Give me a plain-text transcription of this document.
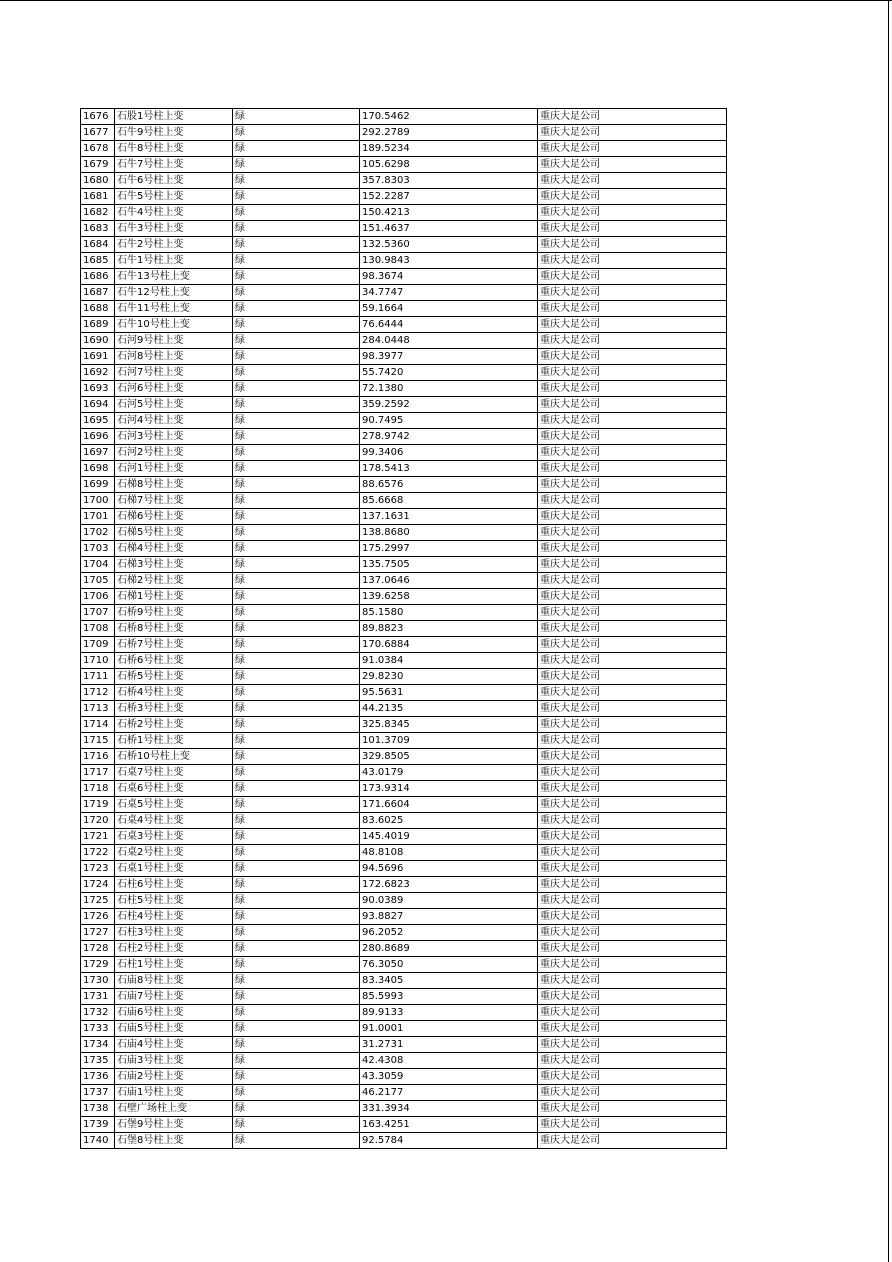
1676	石股1号柱上变	绿	170.5462	重庆大足公司
1677	石牛9号柱上变	绿	292.2789	重庆大足公司
1678	石牛8号柱上变	绿	189.5234	重庆大足公司
1679	石牛7号柱上变	绿	105.6298	重庆大足公司
1680	石牛6号柱上变	绿	357.8303	重庆大足公司
1681	石牛5号柱上变	绿	152.2287	重庆大足公司
1682	石牛4号柱上变	绿	150.4213	重庆大足公司
1683	石牛3号柱上变	绿	151.4637	重庆大足公司
1684	石牛2号柱上变	绿	132.5360	重庆大足公司
1685	石牛1号柱上变	绿	130.9843	重庆大足公司
1686	石牛13号柱上变	绿	98.3674	重庆大足公司
1687	石牛12号柱上变	绿	34.7747	重庆大足公司
1688	石牛11号柱上变	绿	59.1664	重庆大足公司
1689	石牛10号柱上变	绿	76.6444	重庆大足公司
1690	石河9号柱上变	绿	284.0448	重庆大足公司
1691	石河8号柱上变	绿	98.3977	重庆大足公司
1692	石河7号柱上变	绿	55.7420	重庆大足公司
1693	石河6号柱上变	绿	72.1380	重庆大足公司
1694	石河5号柱上变	绿	359.2592	重庆大足公司
1695	石河4号柱上变	绿	90.7495	重庆大足公司
1696	石河3号柱上变	绿	278.9742	重庆大足公司
1697	石河2号柱上变	绿	99.3406	重庆大足公司
1698	石河1号柱上变	绿	178.5413	重庆大足公司
1699	石梯8号柱上变	绿	88.6576	重庆大足公司
1700	石梯7号柱上变	绿	85.6668	重庆大足公司
1701	石梯6号柱上变	绿	137.1631	重庆大足公司
1702	石梯5号柱上变	绿	138.8680	重庆大足公司
1703	石梯4号柱上变	绿	175.2997	重庆大足公司
1704	石梯3号柱上变	绿	135.7505	重庆大足公司
1705	石梯2号柱上变	绿	137.0646	重庆大足公司
1706	石梯1号柱上变	绿	139.6258	重庆大足公司
1707	石桥9号柱上变	绿	85.1580	重庆大足公司
1708	石桥8号柱上变	绿	89.8823	重庆大足公司
1709	石桥7号柱上变	绿	170.6884	重庆大足公司
1710	石桥6号柱上变	绿	91.0384	重庆大足公司
1711	石桥5号柱上变	绿	29.8230	重庆大足公司
1712	石桥4号柱上变	绿	95.5631	重庆大足公司
1713	石桥3号柱上变	绿	44.2135	重庆大足公司
1714	石桥2号柱上变	绿	325.8345	重庆大足公司
1715	石桥1号柱上变	绿	101.3709	重庆大足公司
1716	石桥10号柱上变	绿	329.8505	重庆大足公司
1717	石桌7号柱上变	绿	43.0179	重庆大足公司
1718	石桌6号柱上变	绿	173.9314	重庆大足公司
1719	石桌5号柱上变	绿	171.6604	重庆大足公司
1720	石桌4号柱上变	绿	83.6025	重庆大足公司
1721	石桌3号柱上变	绿	145.4019	重庆大足公司
1722	石桌2号柱上变	绿	48.8108	重庆大足公司
1723	石桌1号柱上变	绿	94.5696	重庆大足公司
1724	石柱6号柱上变	绿	172.6823	重庆大足公司
1725	石柱5号柱上变	绿	90.0389	重庆大足公司
1726	石柱4号柱上变	绿	93.8827	重庆大足公司
1727	石柱3号柱上变	绿	96.2052	重庆大足公司
1728	石柱2号柱上变	绿	280.8689	重庆大足公司
1729	石柱1号柱上变	绿	76.3050	重庆大足公司
1730	石庙8号柱上变	绿	83.3405	重庆大足公司
1731	石庙7号柱上变	绿	85.5993	重庆大足公司
1732	石庙6号柱上变	绿	89.9133	重庆大足公司
1733	石庙5号柱上变	绿	91.0001	重庆大足公司
1734	石庙4号柱上变	绿	31.2731	重庆大足公司
1735	石庙3号柱上变	绿	42.4308	重庆大足公司
1736	石庙2号柱上变	绿	43.3059	重庆大足公司
1737	石庙1号柱上变	绿	46.2177	重庆大足公司
1738	石壁广场柱上变	绿	331.3934	重庆大足公司
1739	石堡9号柱上变	绿	163.4251	重庆大足公司
1740	石堡8号柱上变	绿	92.5784	重庆大足公司
